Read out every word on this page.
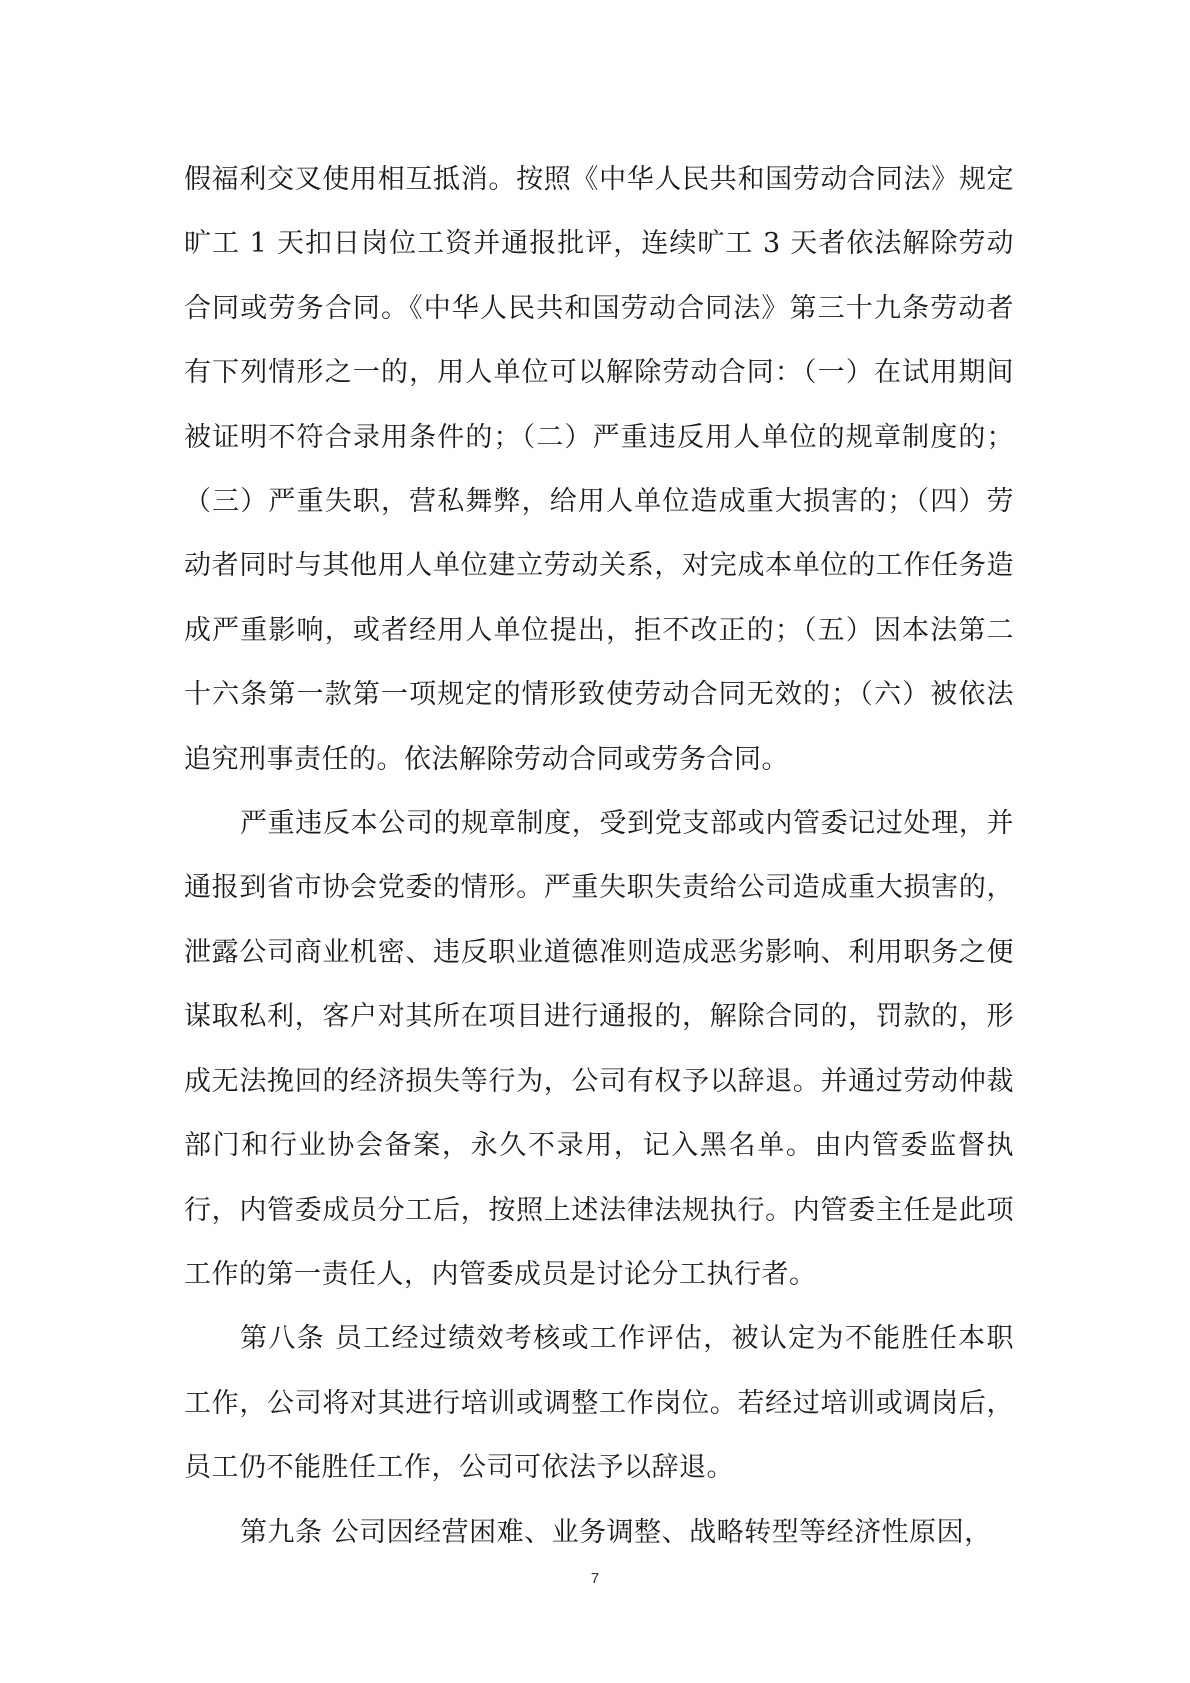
假福利交叉使用相互抵消。按照《中华人民共和国劳动合同法》规定旷工 1 天扣日岗位工资并通报批评，连续旷工 3 天者依法解除劳动合同或劳务合同。《中华人民共和国劳动合同法》第三十九条劳动者有下列情形之一的，用人单位可以解除劳动合同：（一）在试用期间被证明不符合录用条件的；（二）严重违反用人单位的规章制度的；（三）严重失职，营私舞弊，给用人单位造成重大损害的；（四）劳动者同时与其他用人单位建立劳动关系，对完成本单位的工作任务造成严重影响，或者经用人单位提出，拒不改正的；（五）因本法第二十六条第一款第一项规定的情形致使劳动合同无效的；（六）被依法追究刑事责任的。依法解除劳动合同或劳务合同。

严重违反本公司的规章制度，受到党支部或内管委记过处理，并通报到省市协会党委的情形。严重失职失责给公司造成重大损害的，泄露公司商业机密、违反职业道德准则造成恶劣影响、利用职务之便谋取私利，客户对其所在项目进行通报的，解除合同的，罚款的，形成无法挽回的经济损失等行为，公司有权予以辞退。并通过劳动仲裁部门和行业协会备案，永久不录用，记入黑名单。由内管委监督执行，内管委成员分工后，按照上述法律法规执行。内管委主任是此项工作的第一责任人，内管委成员是讨论分工执行者。

第八条 员工经过绩效考核或工作评估，被认定为不能胜任本职工作，公司将对其进行培训或调整工作岗位。若经过培训或调岗后，员工仍不能胜任工作，公司可依法予以辞退。

第九条 公司因经营困难、业务调整、战略转型等经济性原因，

7
